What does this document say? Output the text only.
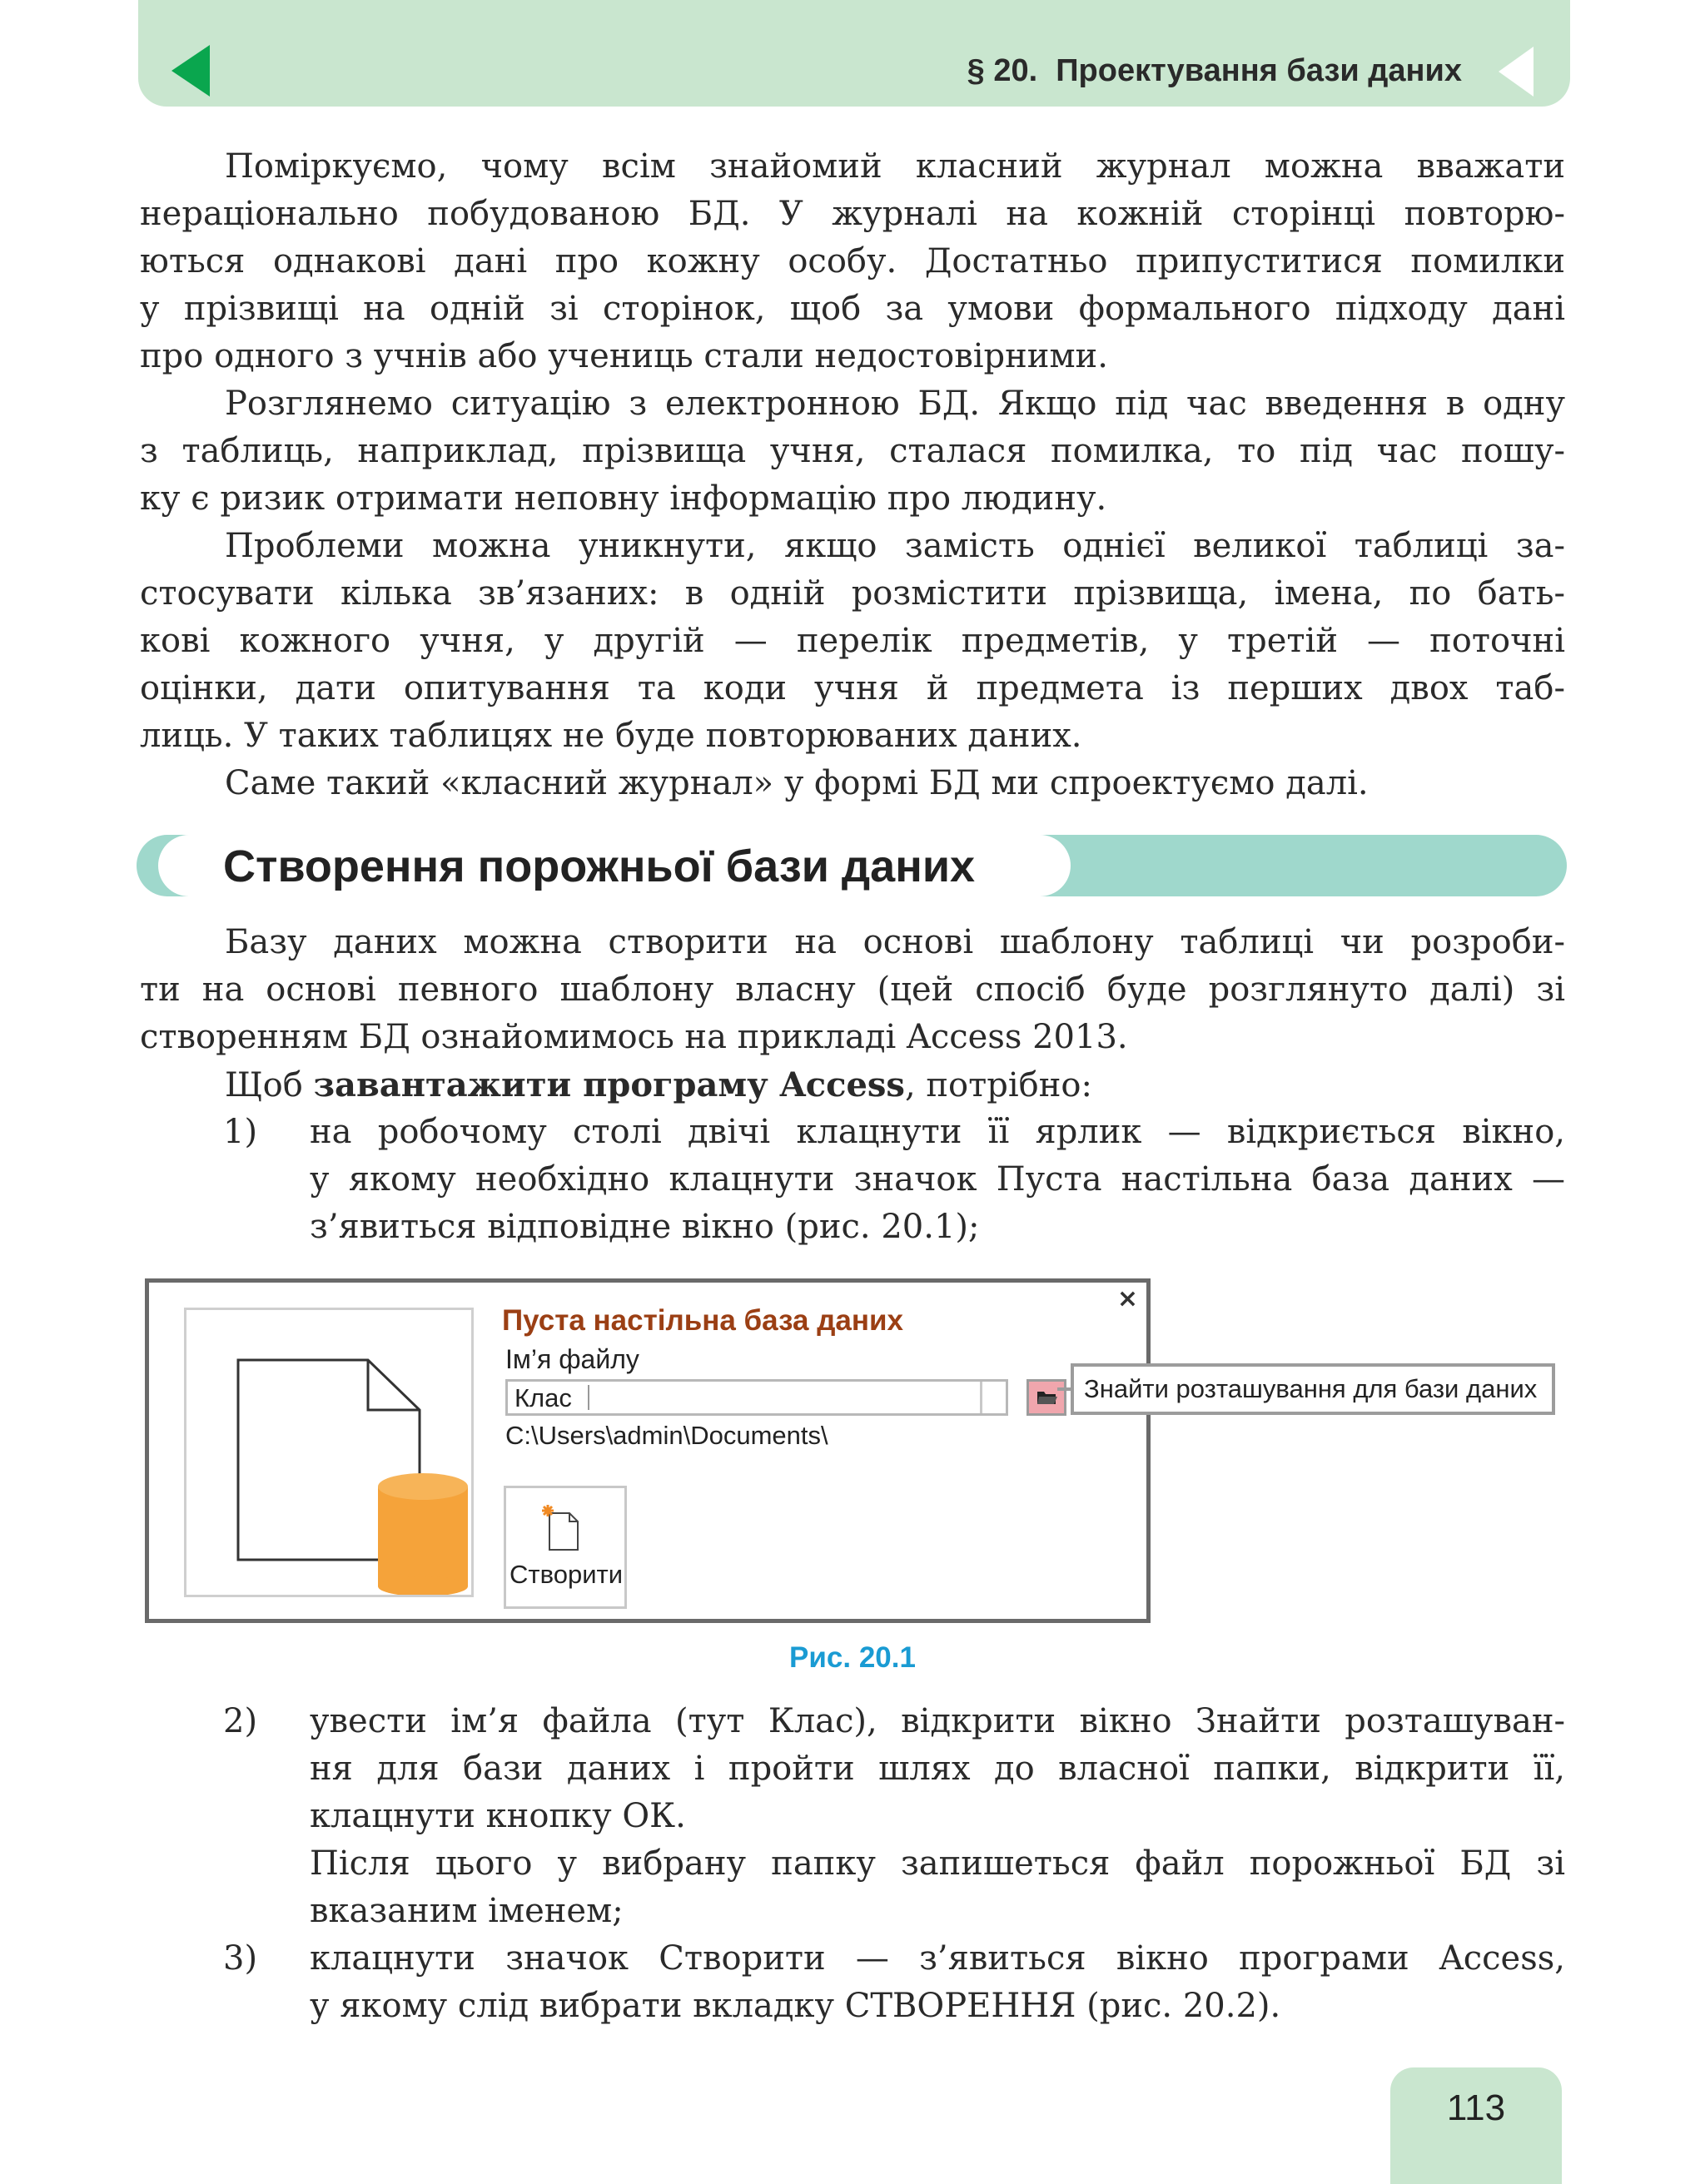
§ 20. Проектування бази даних

Поміркуємо, чому всім знайомий класний журнал можна вважати

нераціонально побудованою БД. У журналі на кожній сторінці повторю-
ються однакові дані про кожну особу. Достатньо припуститися помилки
у прізвищі на одній зі сторінок, щоб за умови формального підходу дані
про одного з учнів або учениць стали недостовірними.
Розглянемо ситуацію з електронною БД. Якщо під час введення в одну
з таблиць, наприклад, прізвища учня, сталася помилка, то під час пошу-
ку є ризик отримати неповну інформацію про людину.
Проблеми можна уникнути, якщо замість однієї великої таблиці за-
стосувати кілька зв’язаних: в одній розмістити прізвища, імена, по бать-
кові кожного учня, у другій — перелік предметів, у третій — поточні
оцінки, дати опитування та коди учня й предмета із перших двох таб-
лиць. У таких таблицях не буде повторюваних даних.
Саме такий «класний журнал» у формі БД ми спроектуємо далі.
Створення порожньої бази даних
Базу даних можна створити на основі шаблону таблиці чи розроби-
ти на основі певного шаблону власну (цей спосіб буде розглянуто далі) зі
створенням БД ознайомимось на прикладі Access 2013.
Щоб завантажити програму Access, потрібно:
1) на робочому столі двічі клацнути її ярлик — відкриється вікно,
у якому необхідно клацнути значок Пуста настільна база даних —
з’явиться відповідне вікно (рис. 20.1);
Пуста настільна база даних
×
Ім’я файлу
Клас
C:\Users\admin\Documents\
Створити
Знайти розташування для бази даних
Рис. 20.1
2) увести ім’я файла (тут Клас), відкрити вікно Знайти розташуван-
ня для бази даних і пройти шлях до власної папки, відкрити її,
клацнути кнопку ОК.
Після цього у вибрану папку запишеться файл порожньої БД зі
вказаним іменем;
3) клацнути значок Створити — з’явиться вікно програми Access,
у якому слід вибрати вкладку СТВОРЕННЯ (рис. 20.2).
113
